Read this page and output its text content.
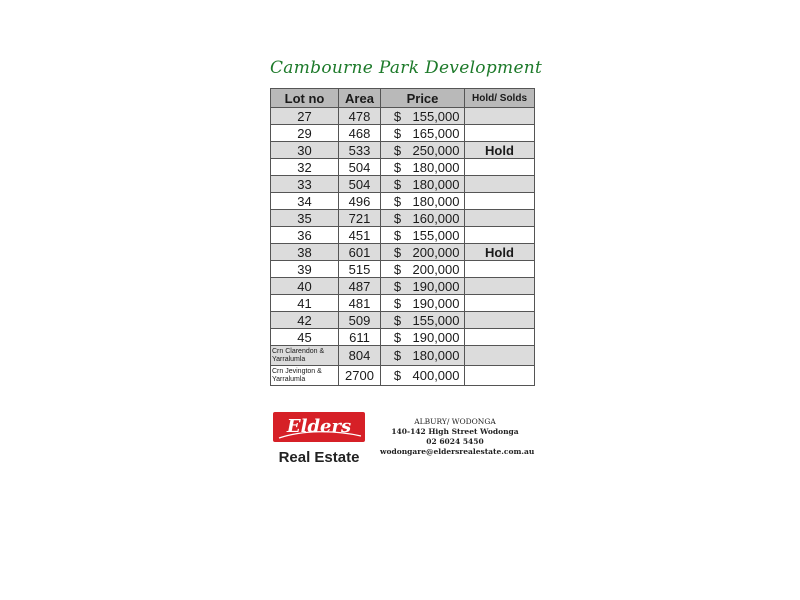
Cambourne Park Development
Lot no	Area	Price	Hold/ Solds
27	478	$ 155,000	
29	468	$ 165,000	
30	533	$ 250,000	Hold
32	504	$ 180,000	
33	504	$ 180,000	
34	496	$ 180,000	
35	721	$ 160,000	
36	451	$ 155,000	
38	601	$ 200,000	Hold
39	515	$ 200,000	
40	487	$ 190,000	
41	481	$ 190,000	
42	509	$ 155,000	
45	611	$ 190,000	
Crn Clarendon & Yarralumla	804	$ 180,000	
Crn Jevington & Yarralumla	2700	$ 400,000	
Elders
Real Estate
ALBURY/ WODONGA
140-142 High Street Wodonga
02 6024 5450
wodongare@eldersrealestate.com.au
